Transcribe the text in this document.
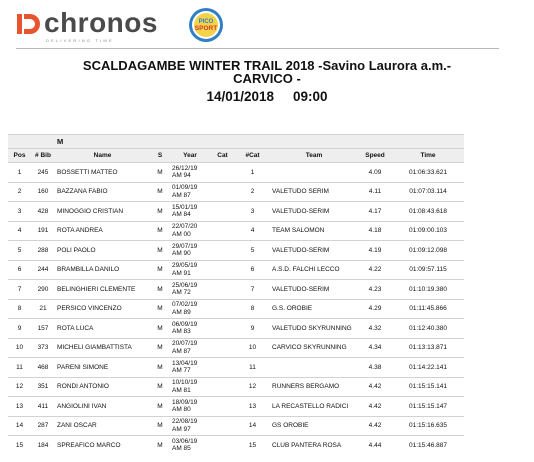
chronos
DELIVERING TIME
PICO
SPORT
SCALDAGAMBE WINTER TRAIL 2018 -Savino Laurora a.m.-
CARVICO -
14/01/2018 09:00
		M							
Pos	# Bib	Name	S	Year	Cat	#Cat	Team	Speed	Time
1	245	BOSSETTI MATTEO	M	26/12/19 AM 94		1		4.09	01:06:33.621
2	160	BAZZANA FABIO	M	01/09/19 AM 87		2	VALETUDO SERIM	4.11	01:07:03.114
3	428	MINOGGIO CRISTIAN	M	15/01/19 AM 84		3	VALETUDO-SERIM	4.17	01:08:43.618
4	191	ROTA ANDREA	M	22/07/20 AM 00		4	TEAM SALOMON	4.18	01:09:00.103
5	288	POLI PAOLO	M	29/07/19 AM 90		5	VALETUDO-SERIM	4.19	01:09:12.098
6	244	BRAMBILLA DANILO	M	29/05/19 AM 91		6	A.S.D. FALCHI LECCO	4.22	01:09:57.115
7	290	BELINGHIERI CLEMENTE	M	25/06/19 AM 72		7	VALETUDO-SERIM	4.23	01:10:19.380
8	21	PERSICO VINCENZO	M	07/02/19 AM 89		8	G.S. OROBIE	4.29	01:11:45.866
9	157	ROTA LUCA	M	06/09/19 AM 83		9	VALETUDO SKYRUNNING	4.32	01:12:40.380
10	373	MICHELI GIAMBATTISTA	M	20/07/19 AM 87		10	CARVICO SKYRUNNING	4.34	01:13:13.871
11	468	PARENI SIMONE	M	13/04/19 AM 77		11		4.38	01:14:22.141
12	351	RONDI ANTONIO	M	10/10/19 AM 81		12	RUNNERS BERGAMO	4.42	01:15:15.141
13	411	ANGIOLINI IVAN	M	18/09/19 AM 80		13	LA RECASTELLO RADICI	4.42	01:15:15.147
14	287	ZANI OSCAR	M	22/08/19 AM 97		14	GS OROBIE	4.42	01:15:16.635
15	184	SPREAFICO MARCO	M	03/06/19 AM 85		15	CLUB PANTERA ROSA	4.44	01:15:46.887
